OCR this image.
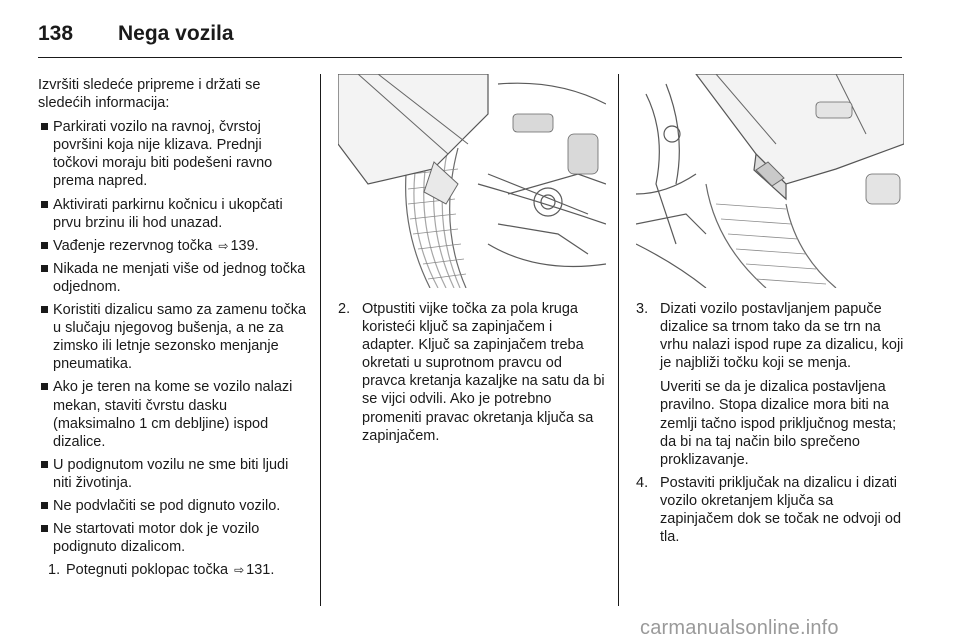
138 Nega vozila

Izvršiti sledeće pripreme i držati se sledećih informacija:

Parkirati vozilo na ravnoj, čvrstoj površini koja nije klizava. Prednji točkovi moraju biti podešeni ravno prema napred.
Aktivirati parkirnu kočnicu i ukopčati prvu brzinu ili hod unazad.
Vađenje rezervnog točka ⇨ 139.
Nikada ne menjati više od jednog točka odjednom.
Koristiti dizalicu samo za zamenu točka u slučaju njegovog bušenja, a ne za zimsko ili letnje sezonsko menjanje pneumatika.
Ako je teren na kome se vozilo nalazi mekan, staviti čvrstu dasku (maksimalno 1 cm debljine) ispod dizalice.
U podignutom vozilu ne sme biti ljudi niti životinja.
Ne podvlačiti se pod dignuto vozilo.
Ne startovati motor dok je vozilo podignuto dizalicom.
1. Potegnuti poklopac točka ⇨ 131.
2. Otpustiti vijke točka za pola kruga koristeći ključ sa zapinjačem i adapter. Ključ sa zapinjačem treba okretati u suprotnom pravcu od pravca kretanja kazaljke na satu da bi se vijci odvili. Ako je potrebno promeniti pravac okretanja ključa sa zapinjačem.
3. Dizati vozilo postavljanjem papuče dizalice sa trnom tako da se trn na vrhu nalazi ispod rupe za dizalicu, koji je najbliži točku koji se menja.
Uveriti se da je dizalica postavljena pravilno. Stopa dizalice mora biti na zemlji tačno ispod priključnog mesta; da bi na taj način bilo sprečeno proklizavanje.
4. Postaviti priključak na dizalicu i dizati vozilo okretanjem ključa sa zapinjačem dok se točak ne odvoji od tla.
carmanualsonline.info
